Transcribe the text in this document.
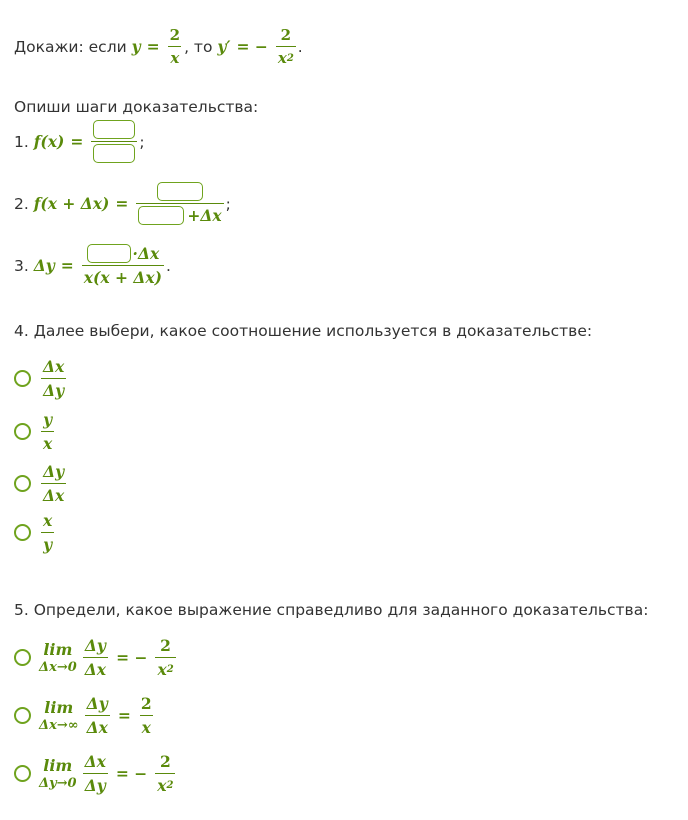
Докажи: если
$y = \frac{2}{x}$ , то
y′ = − $\frac{2}{x 2}$ .
Опиши шаги доказательства:
1.
f(x) =	;
2.
f(x + Δx) =
+Δx
;
3.
$\Delta y = \frac{\cdot\Delta x}{x(x + \Delta x)}$ .
4. Далее выбери, какое соотношение используется в доказательстве:
$\frac{\Delta x}{\Delta y}$
$\frac{y}{x}$
$\frac{\Delta y}{\Delta x}$
$\frac{x}{y}$
5. Определи, какое выражение справедливо для заданного доказательства:
lim
$\Delta x\to 0 \frac{\Delta y}{\Delta x}$ = − $\frac{2}{x 2}$
lim
$\Delta x\to\infty \frac{\Delta y}{\Delta x} = \frac{2}{x}$
lim
$\Delta y\to 0 \frac{\Delta x}{\Delta y}$ = − $\frac{2}{x 2}$
